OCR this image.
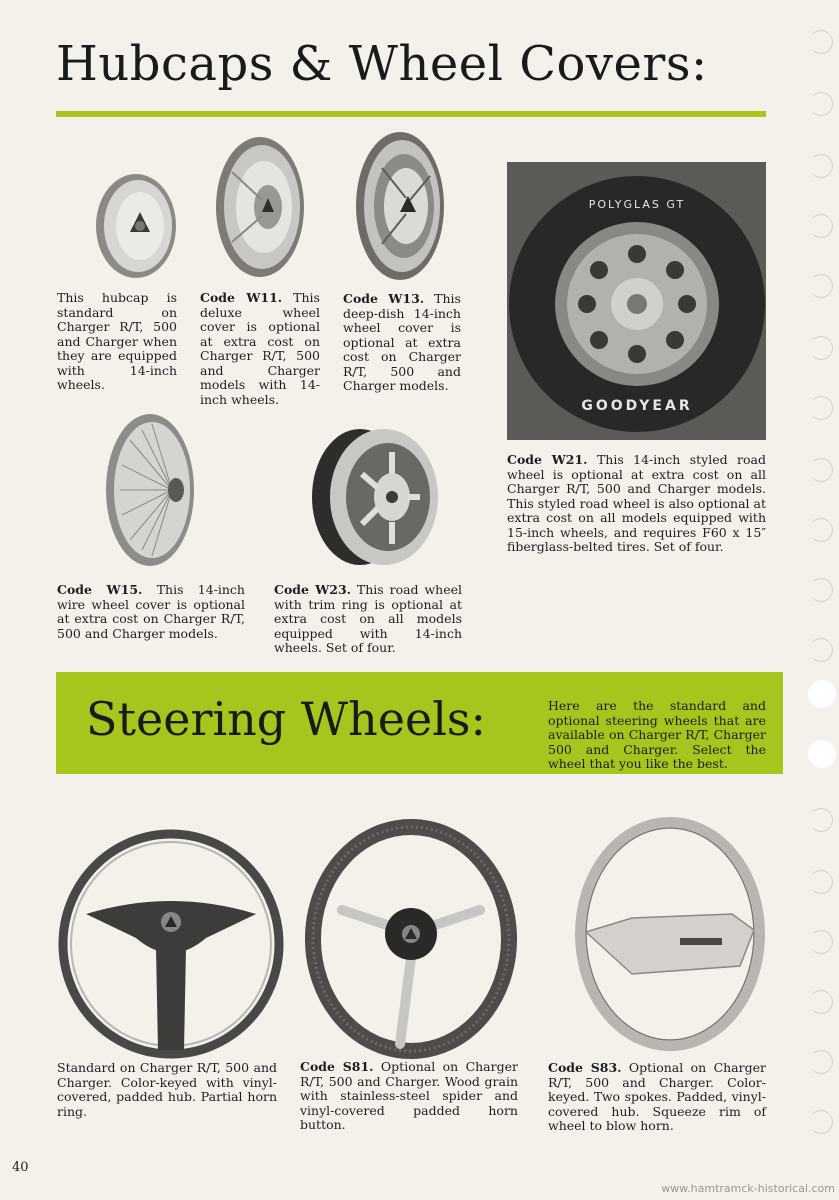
Hubcaps & Wheel Covers:
This hubcap is standard on Charger R/T, 500 and Charger when they are equipped with 14-inch wheels.
Code W11. This deluxe wheel cover is optional at extra cost on Charger R/T, 500 and Charger models with 14-inch wheels.
Code W13. This deep-dish 14-inch wheel cover is optional at extra cost on Charger R/T, 500 and Charger models.
POLYGLAS GT
GOODYEAR
Code W21. This 14-inch styled road wheel is optional at extra cost on all Charger R/T, 500 and Charger models. This styled road wheel is also optional at extra cost on all models equipped with 15-inch wheels, and requires F60 x 15″ fiberglass-belted tires. Set of four.
Code W15. This 14-inch wire wheel cover is optional at extra cost on Charger R/T, 500 and Charger models.
Code W23. This road wheel with trim ring is optional at extra cost on all models equipped with 14-inch wheels. Set of four.
Steering Wheels:	Here are the standard and optional steering wheels that are available on Charger R/T, Charger 500 and Charger. Select the wheel that you like the best.
Standard on Charger R/T, 500 and Charger. Color-keyed with vinyl-covered, padded hub. Partial horn ring.
Code S81. Optional on Charger R/T, 500 and Charger. Wood grain with stainless-steel spider and vinyl-covered padded horn button.
Code S83. Optional on Charger R/T, 500 and Charger. Color-keyed. Two spokes. Padded, vinyl-covered hub. Squeeze rim of wheel to blow horn.
40
www.hamtramck-historical.com
